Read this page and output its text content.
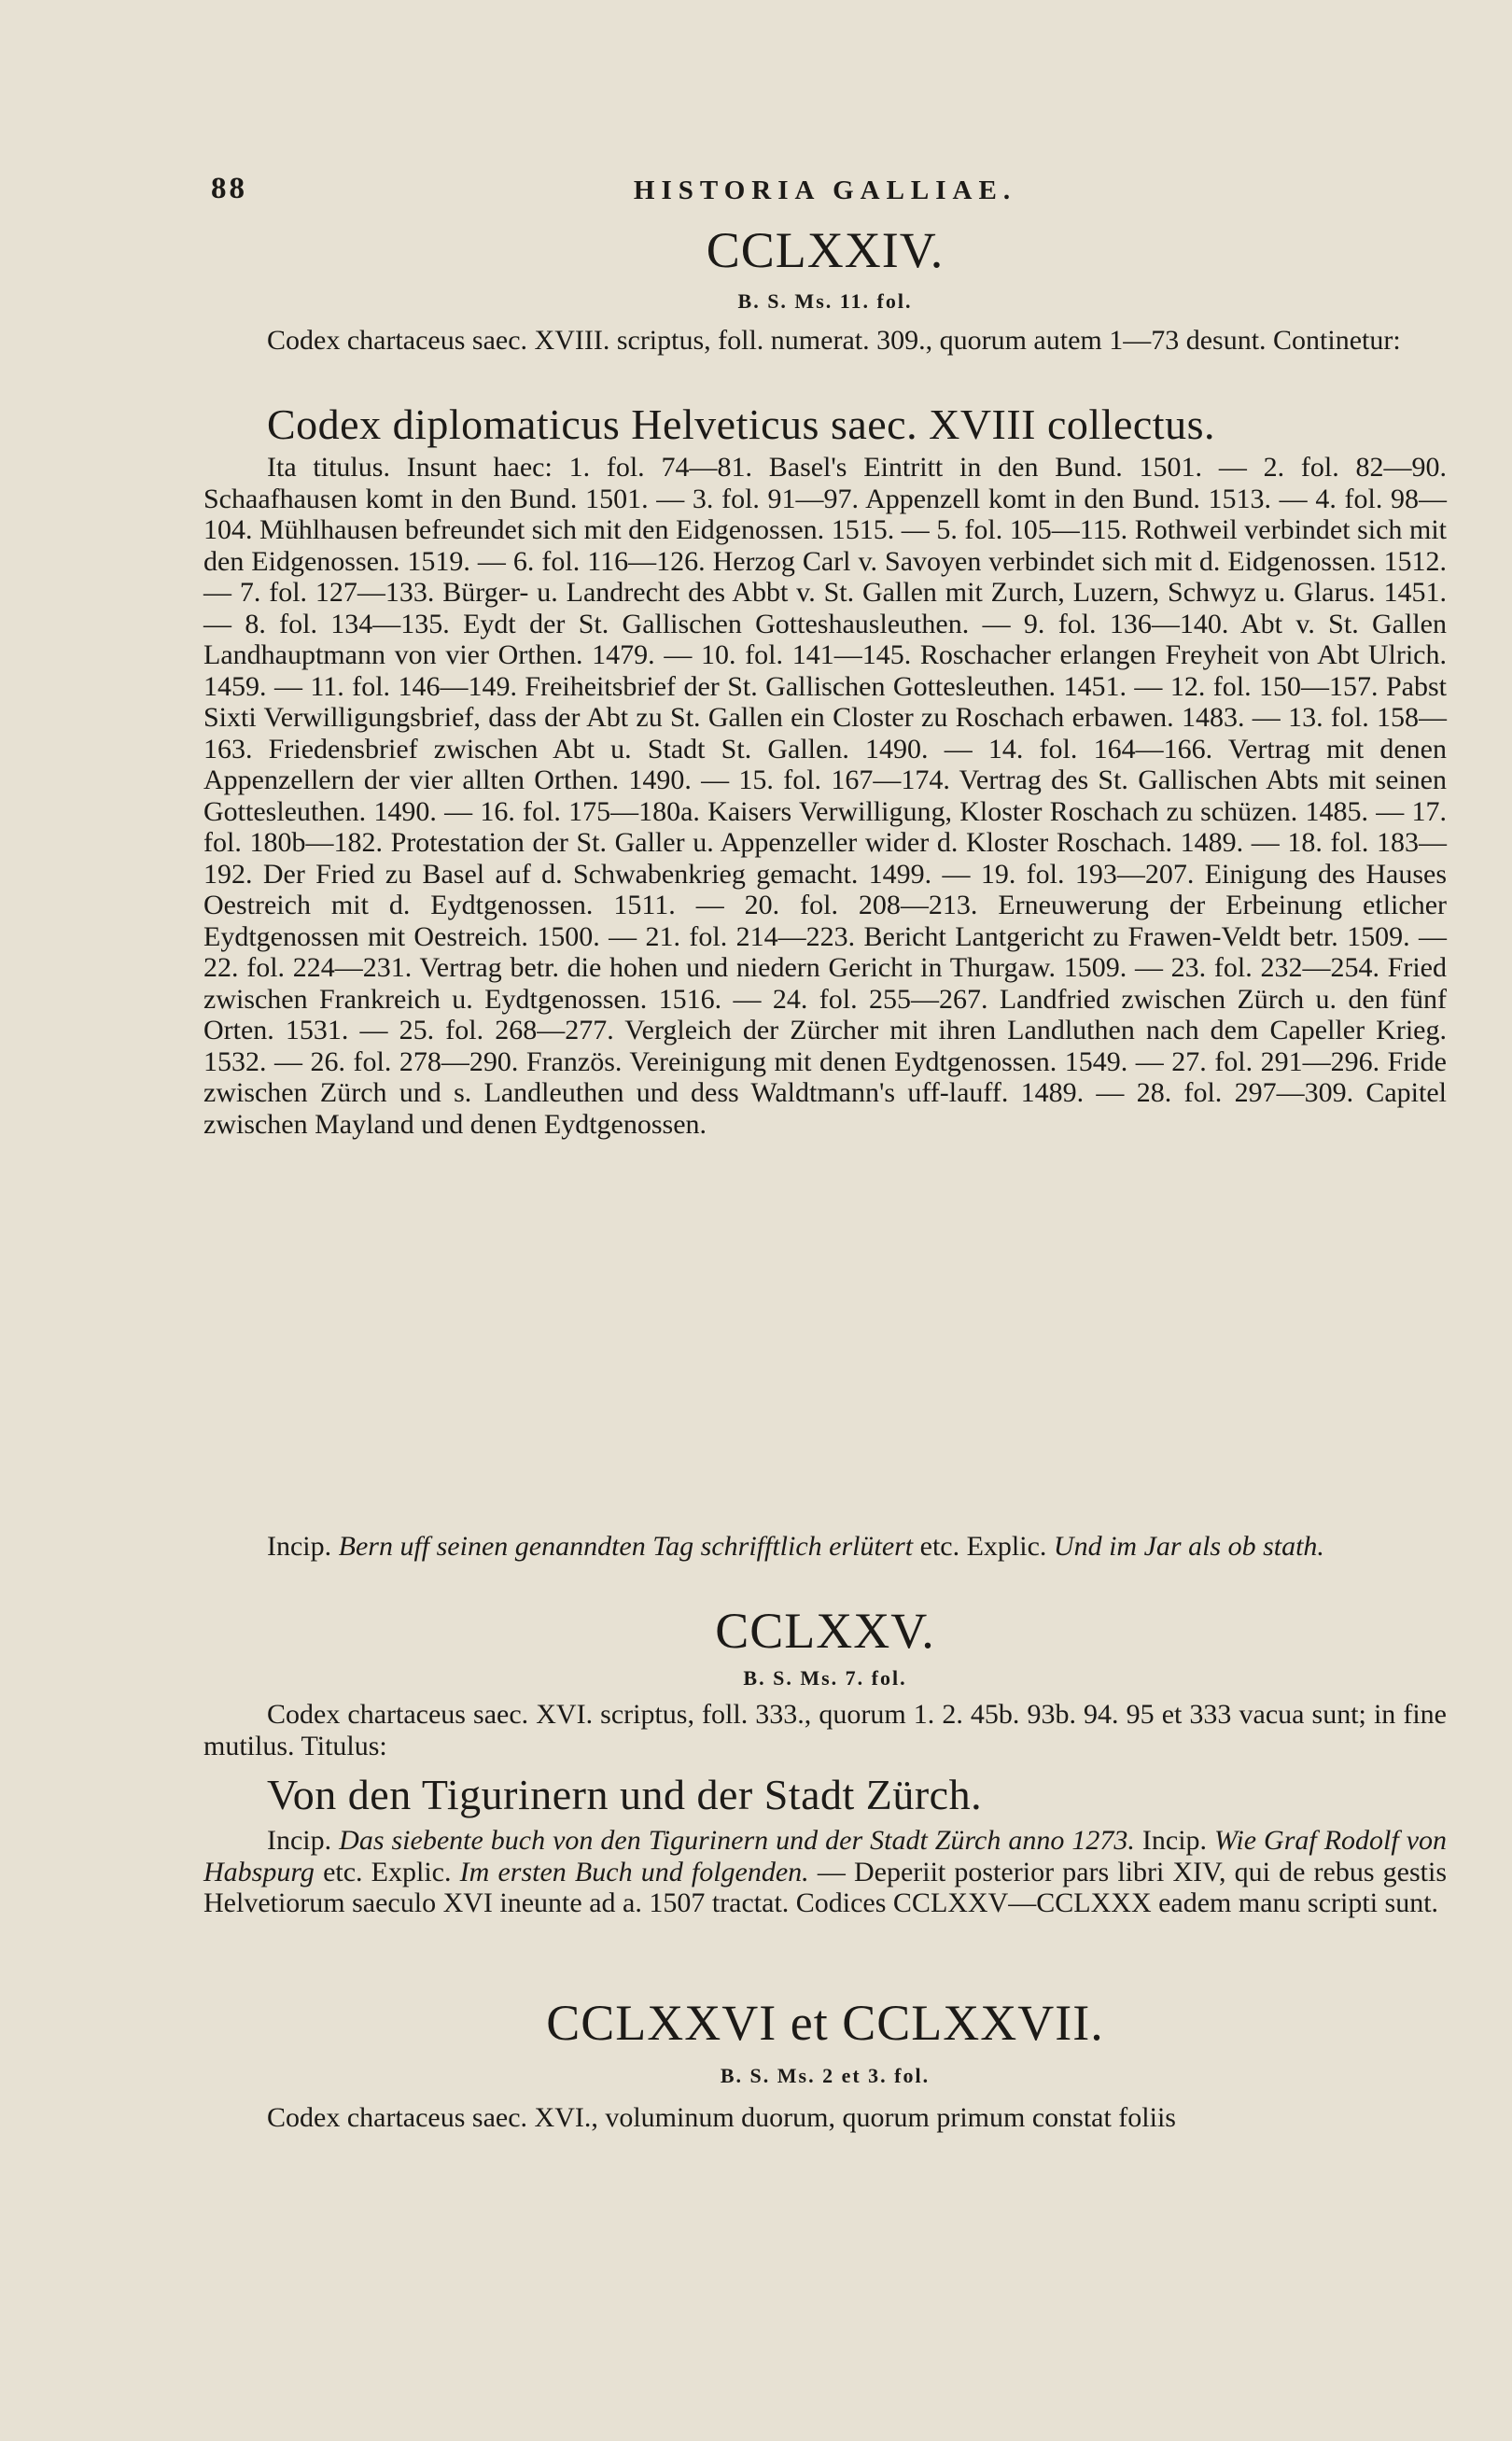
88	HISTORIA GALLIAE.
CCLXXIV.
B. S. Ms. 11. fol.

Codex chartaceus saec. XVIII. scriptus, foll. numerat. 309., quorum autem 1—73 desunt. Continetur:

Codex diplomaticus Helveticus saec. XVIII collectus.

Ita titulus. Insunt haec: 1. fol. 74—81. Basel's Eintritt in den Bund. 1501. — 2. fol. 82—90. Schaafhausen komt in den Bund. 1501. — 3. fol. 91—97. Appenzell komt in den Bund. 1513. — 4. fol. 98—104. Mühlhausen befreundet sich mit den Eidgenossen. 1515. — 5. fol. 105—115. Rothweil verbindet sich mit den Eidgenossen. 1519. — 6. fol. 116—126. Herzog Carl v. Savoyen verbindet sich mit d. Eidgenossen. 1512. — 7. fol. 127—133. Bürger- u. Landrecht des Abbt v. St. Gallen mit Zurch, Luzern, Schwyz u. Glarus. 1451. — 8. fol. 134—135. Eydt der St. Gallischen Gotteshausleuthen. — 9. fol. 136—140. Abt v. St. Gallen Landhauptmann von vier Orthen. 1479. — 10. fol. 141—145. Roschacher erlangen Freyheit von Abt Ulrich. 1459. — 11. fol. 146—149. Freiheitsbrief der St. Gallischen Gottesleuthen. 1451. — 12. fol. 150—157. Pabst Sixti Verwilligungsbrief, dass der Abt zu St. Gallen ein Closter zu Roschach erbawen. 1483. — 13. fol. 158—163. Friedensbrief zwischen Abt u. Stadt St. Gallen. 1490. — 14. fol. 164—166. Vertrag mit denen Appenzellern der vier allten Orthen. 1490. — 15. fol. 167—174. Vertrag des St. Gallischen Abts mit seinen Gotteslеuthen. 1490. — 16. fol. 175—180a. Kaisers Verwilligung, Kloster Roschach zu schüzen. 1485. — 17. fol. 180b—182. Protestation der St. Galler u. Appenzeller wider d. Kloster Roschach. 1489. — 18. fol. 183—192. Der Fried zu Basel auf d. Schwabenkrieg gemacht. 1499. — 19. fol. 193—207. Einigung des Hauses Oestreich mit d. Eydtgenossen. 1511. — 20. fol. 208—213. Erneuwerung der Erbeinung etlicher Eydtgenossen mit Oestreich. 1500. — 21. fol. 214—223. Bericht Lantgericht zu Frawen-Veldt betr. 1509. — 22. fol. 224—231. Vertrag betr. die hohen und niedern Gericht in Thurgaw. 1509. — 23. fol. 232—254. Fried zwischen Frankreich u. Eydtgenossen. 1516. — 24. fol. 255—267. Landfried zwischen Zürch u. den fünf Orten. 1531. — 25. fol. 268—277. Vergleich der Zürcher mit ihren Landluthen nach dem Capeller Krieg. 1532. — 26. fol. 278—290. Französ. Vereinigung mit denen Eydtgenossen. 1549. — 27. fol. 291—296. Fride zwischen Zürch und s. Landleuthen und dess Waldtmann's uff-lauff. 1489. — 28. fol. 297—309. Capitel zwischen Mayland und denen Eydtgenossen.

Incip. Bern uff seinen genanndten Tag schrifftlich erlütert etc. Explic. Und im Jar als ob stath.

CCLXXV.
B. S. Ms. 7. fol.

Codex chartaceus saec. XVI. scriptus, foll. 333., quorum 1. 2. 45b. 93b. 94. 95 et 333 vacua sunt; in fine mutilus. Titulus:

Von den Tigurinern und der Stadt Zürch.

Incip. Das siebente buch von den Tigurinern und der Stadt Zürch anno 1273. Incip. Wie Graf Rodolf von Habspurg etc. Explic. Im ersten Buch und folgenden. — Deperiit posterior pars libri XIV, qui de rebus gestis Helvetiorum saeculo XVI ineunte ad a. 1507 tractat. Codices CCLXXV—CCLXXX eadem manu scripti sunt.

CCLXXVI et CCLXXVII.
B. S. Ms. 2 et 3. fol.

Codex chartaceus saec. XVI., voluminum duorum, quorum primum constat foliis
